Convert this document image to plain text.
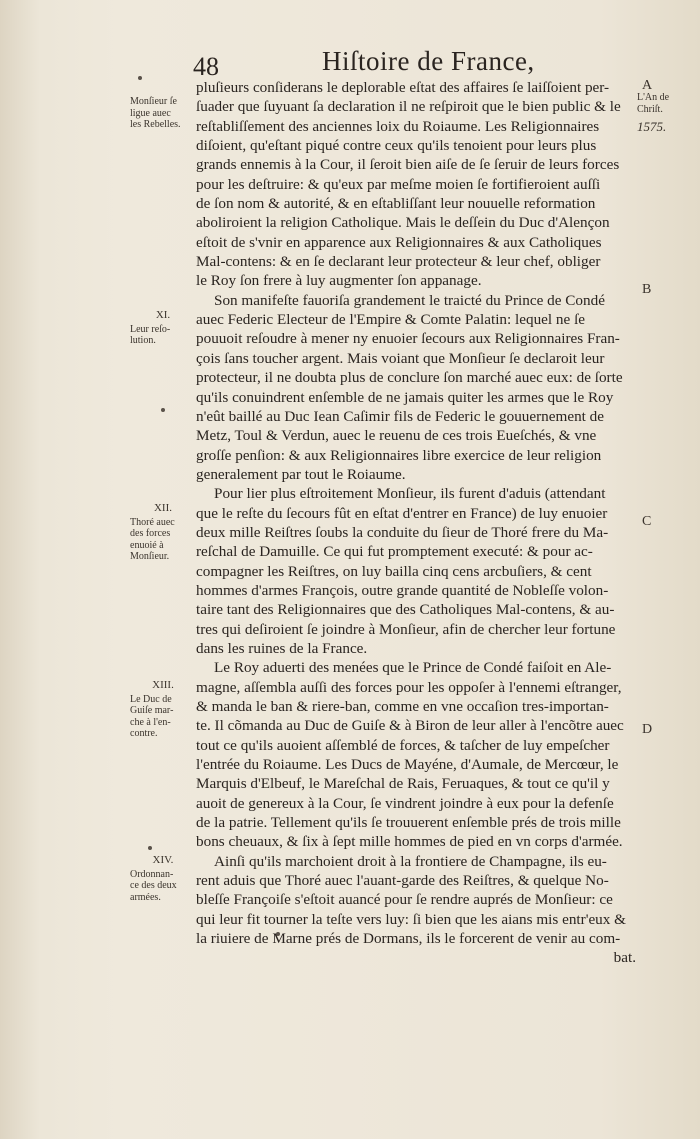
48	Hiſtoire de France,
L'An de
Chriſt.
1575.
A
B
C
D
Monſieur ſe
ligue auec
les Rebelles.
XI.
Leur reſo-
lution.
XII.
Thoré auec
des forces
enuoié à
Monſieur.
XIII.
Le Duc de
Guiſe mar-
che à l'en-
contre.
XIV.
Ordonnan-
ce des deux
armées.
pluſieurs conſiderans le deplorable eſtat des affaires ſe laiſſoient per-
ſuader que ſuyuant ſa declaration il ne reſpiroit que le bien public & le
reſtabliſſement des anciennes loix du Roiaume. Les Religionnaires
diſoient, qu'eſtant piqué contre ceux qu'ils tenoient pour leurs plus
grands ennemis à la Cour, il ſeroit bien aiſe de ſe ſeruir de leurs forces
pour les deſtruire: & qu'eux par meſme moien ſe fortifieroient auſſi
de ſon nom & autorité, & en eſtabliſſant leur nouuelle reformation
aboliroient la religion Catholique. Mais le deſſein du Duc d'Alençon
eſtoit de s'vnir en apparence aux Religionnaires & aux Catholiques
Mal-contens: & en ſe declarant leur protecteur & leur chef, obliger
le Roy ſon frere à luy augmenter ſon appanage.
Son manifeſte fauoriſa grandement le traicté du Prince de Condé
auec Federic Electeur de l'Empire & Comte Palatin: lequel ne ſe
pouuoit reſoudre à mener ny enuoier ſecours aux Religionnaires Fran-
çois ſans toucher argent. Mais voiant que Monſieur ſe declaroit leur
protecteur, il ne doubta plus de conclure ſon marché auec eux: de ſorte
qu'ils conuindrent enſemble de ne jamais quiter les armes que le Roy
n'eût baillé au Duc Iean Caſimir fils de Federic le gouuernement de
Metz, Toul & Verdun, auec le reuenu de ces trois Eueſchés, & vne
groſſe penſion: & aux Religionnaires libre exercice de leur religion
generalement par tout le Roiaume.
Pour lier plus eſtroitement Monſieur, ils furent d'aduis (attendant
que le reſte du ſecours fût en eſtat d'entrer en France) de luy enuoier
deux mille Reiſtres ſoubs la conduite du ſieur de Thoré frere du Ma-
reſchal de Damuille. Ce qui fut promptement executé: & pour ac-
compagner les Reiſtres, on luy bailla cinq cens arcbuſiers, & cent
hommes d'armes François, outre grande quantité de Nobleſſe volon-
taire tant des Religionnaires que des Catholiques Mal-contens, & au-
tres qui deſiroient ſe joindre à Monſieur, afin de chercher leur fortune
dans les ruines de la France.
Le Roy aduerti des menées que le Prince de Condé faiſoit en Ale-
magne, aſſembla auſſi des forces pour les oppoſer à l'ennemi eſtranger,
& manda le ban & riere-ban, comme en vne occaſion tres-importan-
te. Il cõmanda au Duc de Guiſe & à Biron de leur aller à l'encõtre auec
tout ce qu'ils auoient aſſemblé de forces, & taſcher de luy empeſcher
l'entrée du Roiaume. Les Ducs de Mayéne, d'Aumale, de Mercœur, le
Marquis d'Elbeuf, le Mareſchal de Rais, Feruaques, & tout ce qu'il y
auoit de genereux à la Cour, ſe vindrent joindre à eux pour la defenſe
de la patrie. Tellement qu'ils ſe trouuerent enſemble prés de trois mille
bons cheuaux, & ſix à ſept mille hommes de pied en vn corps d'armée.
Ainſi qu'ils marchoient droit à la frontiere de Champagne, ils eu-
rent aduis que Thoré auec l'auant-garde des Reiſtres, & quelque No-
bleſſe Françoiſe s'eſtoit auancé pour ſe rendre auprés de Monſieur: ce
qui leur fit tourner la teſte vers luy: ſi bien que les aians mis entr'eux &
la riuiere de Marne prés de Dormans, ils le forcerent de venir au com-
bat.
